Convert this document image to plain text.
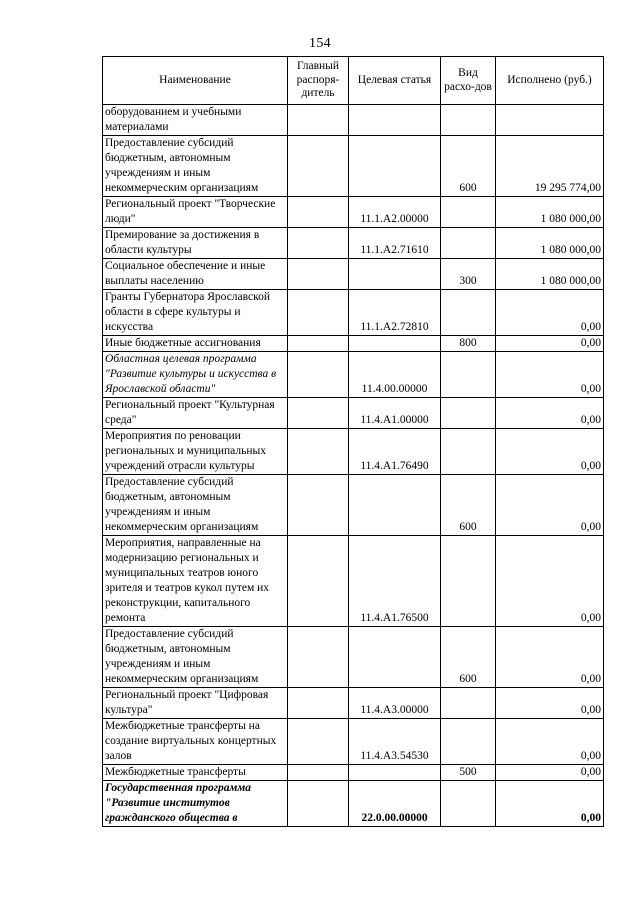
154
Наименование	Главный распоря-дитель	Целевая статья	Вид расхо-дов	Исполнено (руб.)
оборудованием и учебными материалами				
Предоставление субсидий бюджетным, автономным учреждениям и иным некоммерческим организациям			600	19 295 774,00
Региональный проект "Творческие люди"		11.1.А2.00000		1 080 000,00
Премирование за достижения в области культуры		11.1.А2.71610		1 080 000,00
Социальное обеспечение и иные выплаты населению			300	1 080 000,00
Гранты Губернатора Ярославской области в сфере культуры и искусства		11.1.А2.72810		0,00
Иные бюджетные ассигнования			800	0,00
Областная целевая программа "Развитие культуры и искусства в Ярославской области"		11.4.00.00000		0,00
Региональный проект "Культурная среда"		11.4.А1.00000		0,00
Мероприятия по реновации региональных и муниципальных учреждений отрасли культуры		11.4.А1.76490		0,00
Предоставление субсидий бюджетным, автономным учреждениям и иным некоммерческим организациям			600	0,00
Мероприятия, направленные на модернизацию региональных и муниципальных театров юного зрителя и театров кукол путем их реконструкции, капитального ремонта		11.4.А1.76500		0,00
Предоставление субсидий бюджетным, автономным учреждениям и иным некоммерческим организациям			600	0,00
Региональный проект "Цифровая культура"		11.4.А3.00000		0,00
Межбюджетные трансферты на создание виртуальных концертных залов		11.4.А3.54530		0,00
Межбюджетные трансферты			500	0,00
Государственная программа "Развитие институтов гражданского общества в		22.0.00.00000		0,00
